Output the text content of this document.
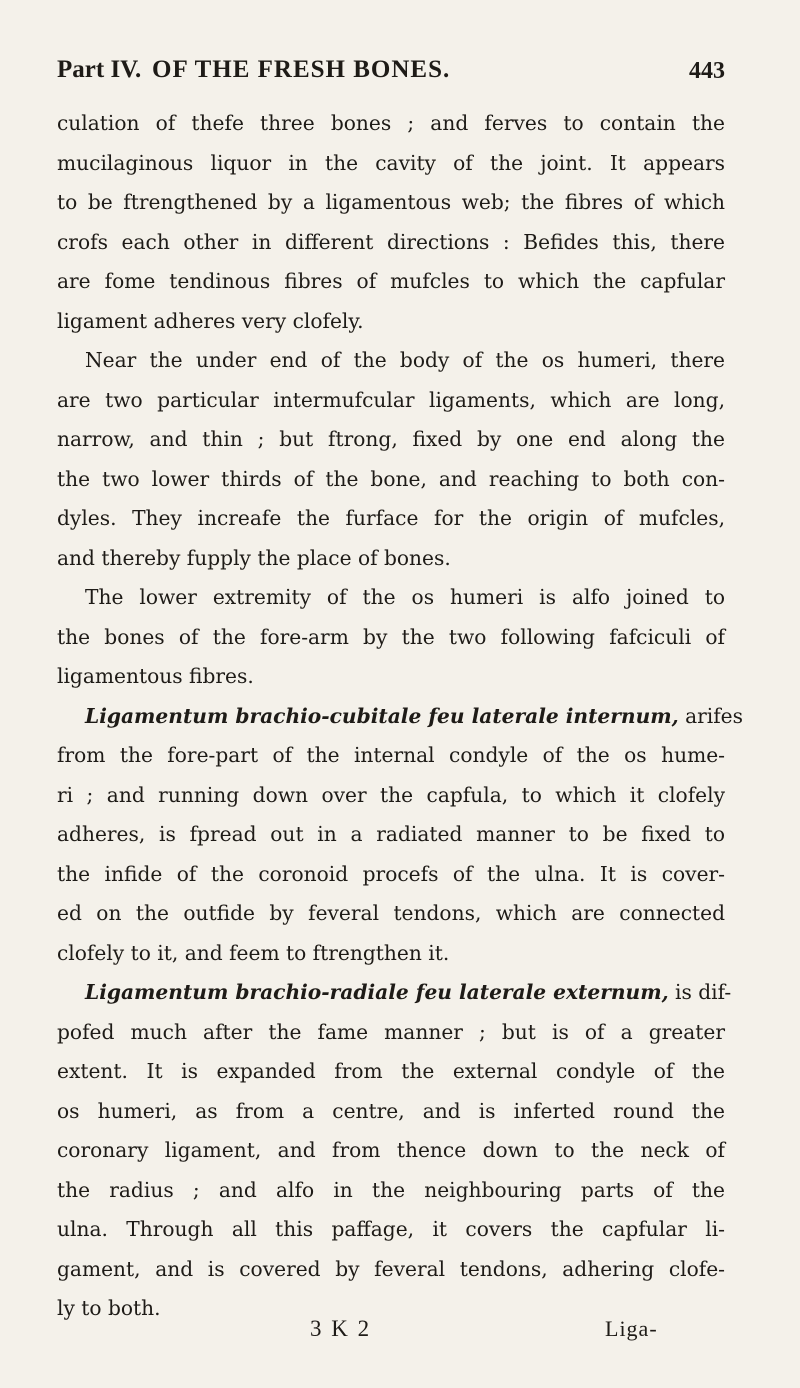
Part IV. OF THE FRESH BONES.	443
culation of thefe three bones ; and ferves to contain the
mucilaginous liquor in the cavity of the joint. It appears
to be ftrengthened by a ligamentous web; the fibres of which
crofs each other in different directions : Befides this, there
are fome tendinous fibres of mufcles to which the capfular
ligament adheres very clofely.
Near the under end of the body of the os humeri, there
are two particular intermufcular ligaments, which are long,
narrow, and thin ; but ftrong, fixed by one end along the
the two lower thirds of the bone, and reaching to both con-
dyles. They increafe the furface for the origin of mufcles,
and thereby fupply the place of bones.
The lower extremity of the os humeri is alfo joined to
the bones of the fore-arm by the two following fafciculi of
ligamentous fibres.
Ligamentum brachio-cubitale feu laterale internum, arifes
from the fore-part of the internal condyle of the os hume-
ri ; and running down over the capfula, to which it clofely
adheres, is fpread out in a radiated manner to be fixed to
the infide of the coronoid procefs of the ulna. It is cover-
ed on the outfide by feveral tendons, which are connected
clofely to it, and feem to ftrengthen it.
Ligamentum brachio-radiale feu laterale externum, is dif-
pofed much after the fame manner ; but is of a greater
extent. It is expanded from the external condyle of the
os humeri, as from a centre, and is inferted round the
coronary ligament, and from thence down to the neck of
the radius ; and alfo in the neighbouring parts of the
ulna. Through all this paffage, it covers the capfular li-
gament, and is covered by feveral tendons, adhering clofe-
ly to both.
3 K 2	Liga-
